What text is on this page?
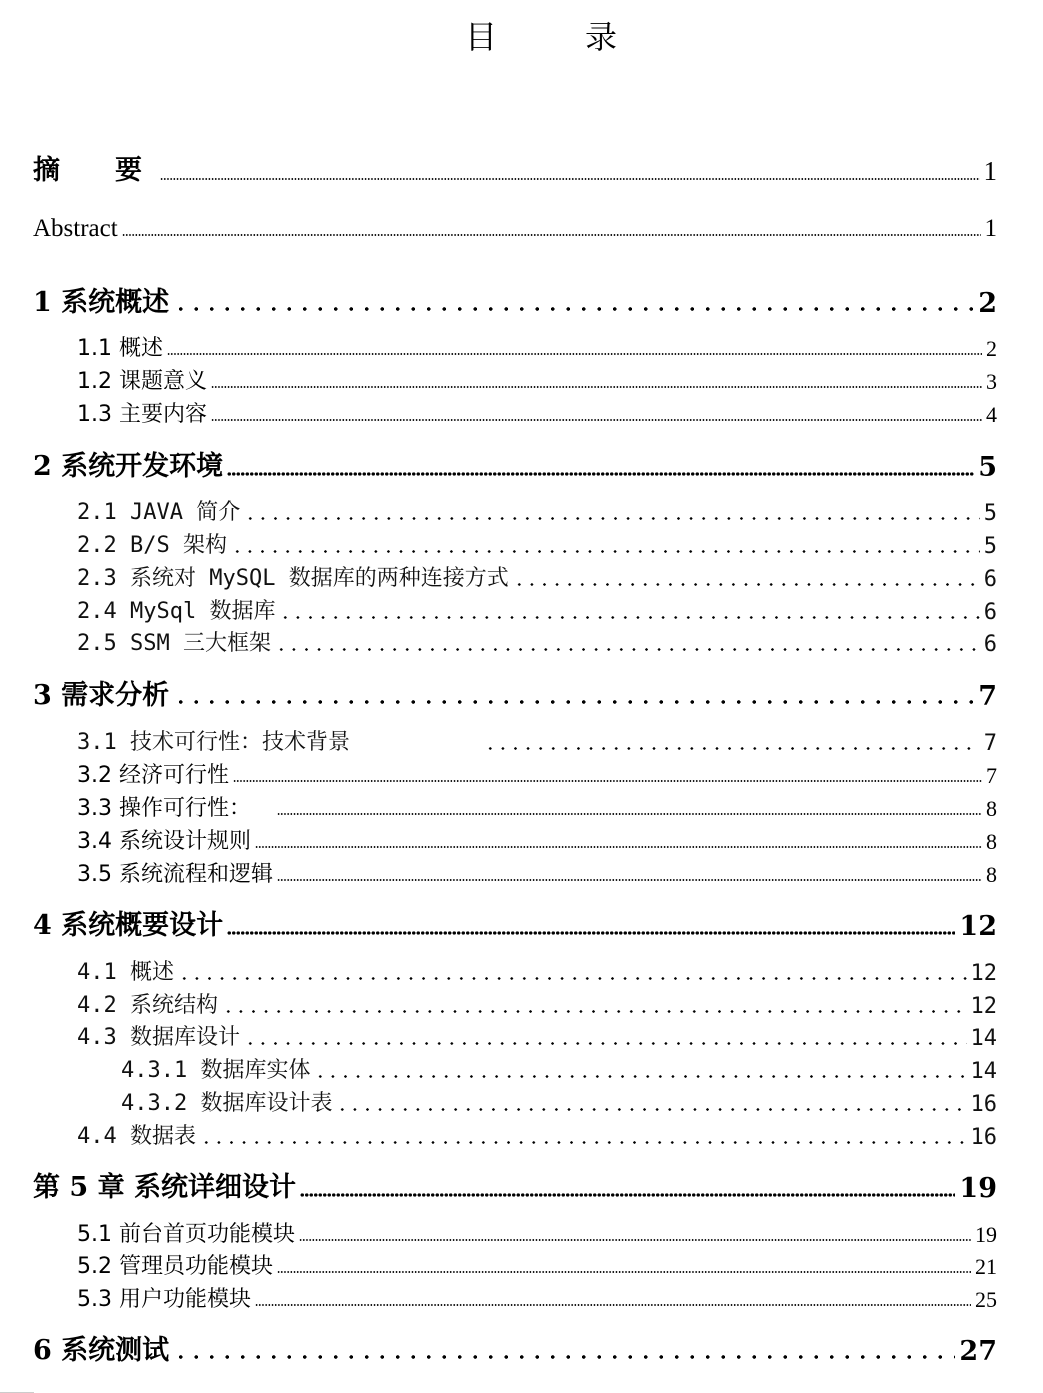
目　录
摘　要	1
Abstract	1
1 系统概述	2
1.1 概述	2
1.2 课题意义	3
1.3 主要内容	4
2 系统开发环境	5
2.1 JAVA 简介	5
2.2 B/S 架构	5
2.3 系统对 MySQL 数据库的两种连接方式	6
2.4 MySql 数据库	6
2.5 SSM 三大框架	6
3 需求分析	7
3.1 技术可行性：技术背景	7
3.2 经济可行性	7
3.3 操作可行性：	8
3.4 系统设计规则	8
3.5 系统流程和逻辑	8
4 系统概要设计	12
4.1 概述	12
4.2 系统结构	12
4.3 数据库设计	14
4.3.1 数据库实体	14
4.3.2 数据库设计表	16
4.4 数据表	16
第 5 章 系统详细设计	19
5.1 前台首页功能模块	19
5.2 管理员功能模块	21
5.3 用户功能模块	25
6 系统测试	27
